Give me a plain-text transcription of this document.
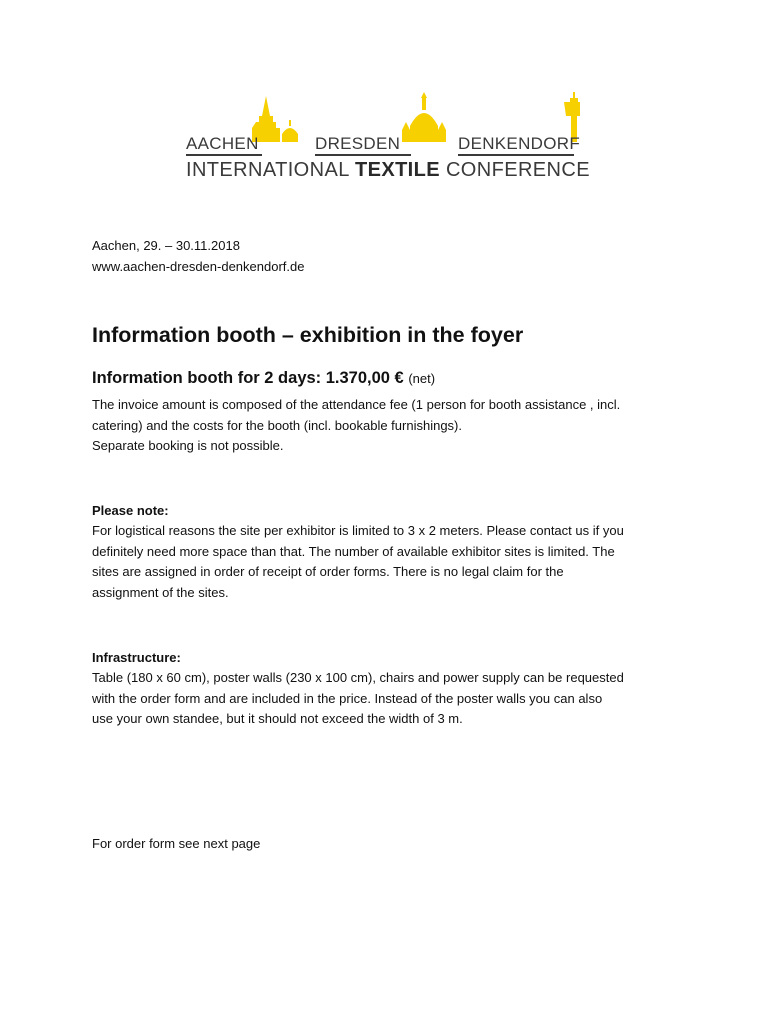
AACHEN	DRESDEN	DENKENDORF
INTERNATIONAL TEXTILE CONFERENCE
Aachen, 29. – 30.11.2018
www.aachen-dresden-denkendorf.de
Information booth – exhibition in the foyer
Information booth for 2 days: 1.370,00 € (net)
The invoice amount is composed of the attendance fee (1 person for booth assistance , incl.
catering) and the costs for the booth (incl. bookable furnishings).
Separate booking is not possible.
Please note:
For logistical reasons the site per exhibitor is limited to 3 x 2 meters. Please contact us if you
definitely need more space than that. The number of available exhibitor sites is limited. The
sites are assigned in order of receipt of order forms. There is no legal claim for the
assignment of the sites.
Infrastructure:
Table (180 x 60 cm), poster walls (230 x 100 cm), chairs and power supply can be requested
with the order form and are included in the price. Instead of the poster walls you can also
use your own standee, but it should not exceed the width of 3 m.
For order form see next page
